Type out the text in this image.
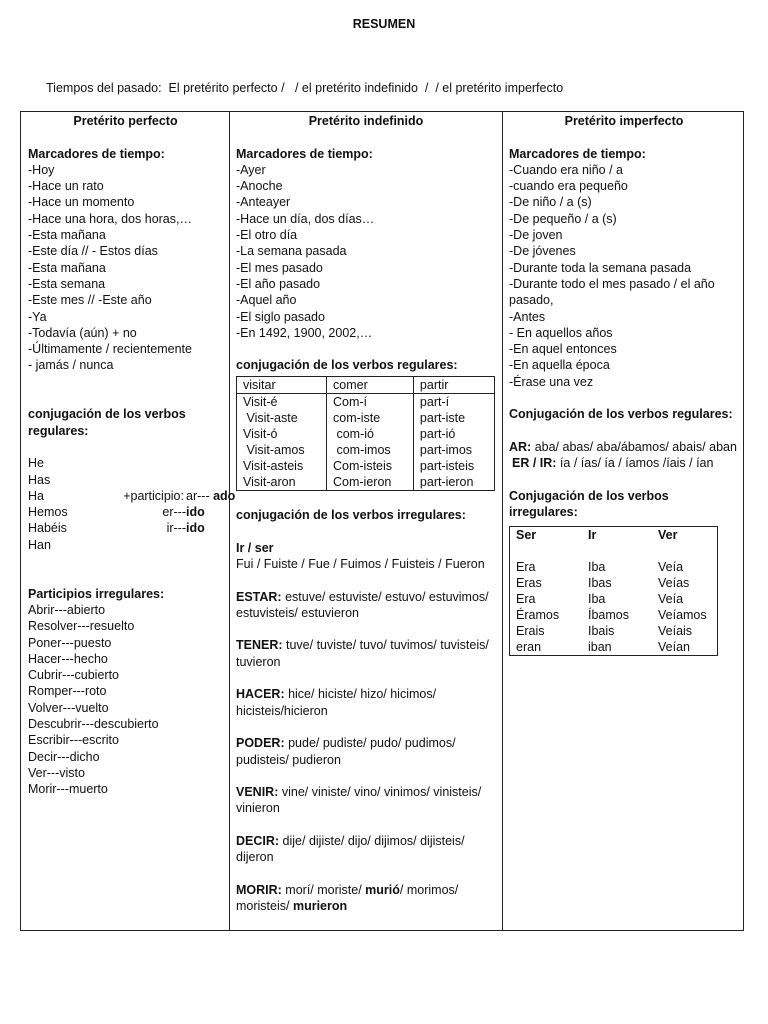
RESUMEN
Tiempos del pasado:  El pretérito perfecto /   / el pretérito indefinido  /  / el pretérito imperfecto
Pretérito perfecto
Marcadores de tiempo:
-Hoy
-Hace un rato
-Hace un momento
-Hace una hora, dos horas,…
-Esta mañana
-Este día // - Estos días
-Esta mañana
-Esta semana
-Este mes // -Este año
-Ya
-Todavía (aún) + no
-Últimamente / recientemente
- jamás / nunca
conjugación de los verbos regulares:
He
Has
Ha	+participio: ar--- ado
Hemos	er--- ido
Habéis	ir--- ido
Han
Participios irregulares:
Abrir---abierto
Resolver---resuelto
Poner---puesto
Hacer---hecho
Cubrir---cubierto
Romper---roto
Volver---vuelto
Descubrir---descubierto
Escribir---escrito
Decir---dicho
Ver---visto
Morir---muerto
Pretérito indefinido
Marcadores de tiempo:
-Ayer
-Anoche
-Anteayer
-Hace un día, dos días…
-El otro día
-La semana pasada
-El mes pasado
-El año pasado
-Aquel año
-El siglo pasado
-En 1492, 1900, 2002,…
conjugación de los verbos regulares:
visitar	comer	partir
Visit-é	Com-í	part-í
Visit-aste	com-iste	part-iste
Visit-ó	com-ió	part-ió
Visit-amos	com-imos	part-imos
Visit-asteis	Com-isteis	part-isteis
Visit-aron	Com-ieron	part-ieron
conjugación de los verbos irregulares:
Ir / ser
Fui / Fuiste / Fue / Fuimos / Fuisteis / Fueron
ESTAR: estuve/ estuviste/ estuvo/ estuvimos/ estuvisteis/ estuvieron
TENER: tuve/ tuviste/ tuvo/ tuvimos/ tuvisteis/ tuvieron
HACER: hice/ hiciste/ hizo/ hicimos/ hicisteis/hicieron
PODER: pude/ pudiste/ pudo/ pudimos/ pudisteis/ pudieron
VENIR: vine/ viniste/ vino/ vinimos/ vinisteis/ vinieron
DECIR: dije/ dijiste/ dijo/ dijimos/ dijisteis/ dijeron
MORIR: morí/ moriste/ murió/ morimos/ moristeis/ murieron
Pretérito imperfecto
Marcadores de tiempo:
-Cuando era niño / a
-cuando era pequeño
-De niño / a (s)
-De pequeño / a (s)
-De joven
-De jóvenes
-Durante toda la semana pasada
-Durante todo el mes pasado / el año pasado,
-Antes
- En aquellos años
-En aquel entonces
-En aquella época
-Érase una vez
Conjugación de los verbos regulares:
AR: aba/ abas/ aba/ábamos/ abais/ aban
ER / IR: ía / ías/ ía / íamos /íais / ían
Conjugación de los verbos irregulares:
Ser	Ir	Ver

Era	Iba	Veía
Eras	Ibas	Veías
Era	Iba	Veía
Éramos	Íbamos	Veíamos
Erais	Ibais	Veíais
eran	iban	Veían
